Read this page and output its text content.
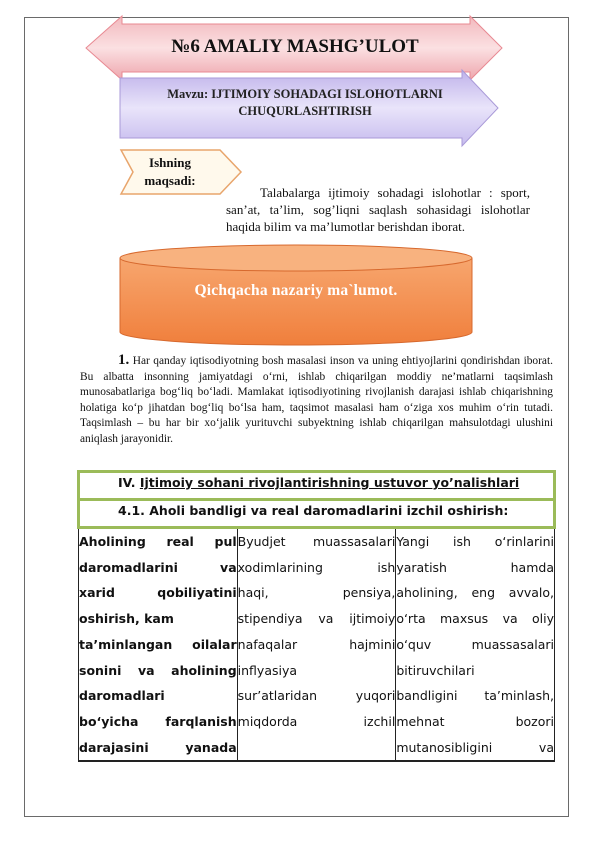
№6 AMALIY MASHG’ULOT
Mavzu: IJTIMOIY SOHADAGI ISLOHOTLARNI
CHUQURLASHTIRISH
Ishning
maqsadi:
Talabalarga ijtimoiy sohadagi islohotlar : sport, san’at, ta’lim, sog’liqni saqlash sohasidagi islohotlar haqida bilim va ma’lumotlar berishdan iborat.
Qichqacha nazariy ma`lumot.
1. Har qanday iqtisodiyotning bosh masalasi inson va uning ehtiyojlarini qondirishdan iborat. Bu albatta insonning jamiyatdagi o‘rni, ishlab chiqarilgan moddiy ne’matlarni taqsimlash munosabatlariga bog‘liq bo‘ladi. Mamlakat iqtisodiyotining rivojlanish darajasi ishlab chiqarishning holatiga ko‘p jihatdan bog‘liq bo‘lsa ham, taqsimot masalasi ham o‘ziga xos muhim o‘rin tutadi. Taqsimlash – bu har bir xo‘jalik yurituvchi subyektning ishlab chiqarilgan mahsulotdagi ulushini aniqlash jarayonidir.
IV. Ijtimoiy sohani rivojlantirishning ustuvor yo’nalishlari
4.1. Aholi bandligi va real daromadlarini izchil oshirish:

Aholining real pul
daromadlarini va
xarid qobiliyatini
oshirish, kam
ta’minlangan oilalar
sonini va aholining
daromadlari
bo‘yicha farqlanish
darajasini yanada

Byudjet muassasalari
xodimlarining ish
haqi, pensiya,
stipendiya va ijtimoiy
nafaqalar hajmini
inflyasiya
sur’atlaridan yuqori
miqdorda izchil

Yangi ish o‘rinlarini
yaratish hamda
aholining, eng avvalo,
o‘rta maxsus va oliy
o‘quv muassasalari
bitiruvchilari
bandligini ta’minlash,
mehnat bozori
mutanosibligini va
